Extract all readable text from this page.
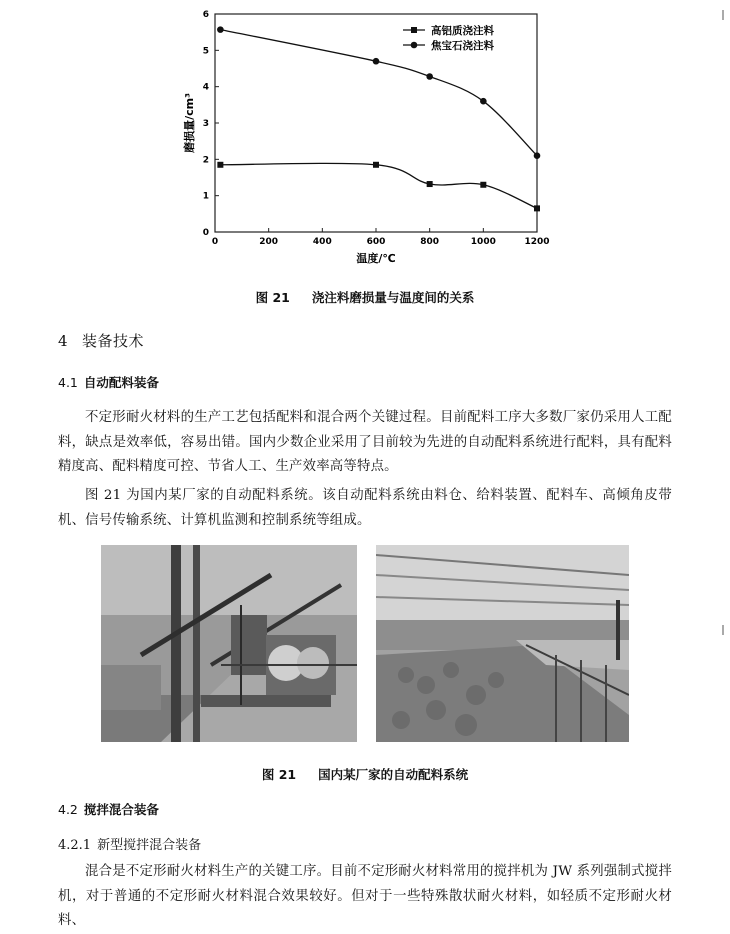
0	200	400	600	800	1000	1200
0
1
2
3
4
5
6
温度/℃
磨损量/cm³
高铝质浇注料
焦宝石浇注料
图 21 浇注料磨损量与温度间的关系
4 装备技术
4.1 自动配料装备

不定形耐火材料的生产工艺包括配料和混合两个关键过程。目前配料工序大多数厂家仍采用人工配料，缺点是效率低，容易出错。国内少数企业采用了目前较为先进的自动配料系统进行配料，具有配料精度高、配料精度可控、节省人工、生产效率高等特点。

图 21 为国内某厂家的自动配料系统。该自动配料系统由料仓、给料装置、配料车、高倾角皮带机、信号传输系统、计算机监测和控制系统等组成。

图 21 国内某厂家的自动配料系统
4.2 搅拌混合装备
4.2.1 新型搅拌混合装备

混合是不定形耐火材料生产的关键工序。目前不定形耐火材料常用的搅拌机为 JW 系列强制式搅拌机，对于普通的不定形耐火材料混合效果较好。但对于一些特殊散状耐火材料，如轻质不定形耐火材料、
